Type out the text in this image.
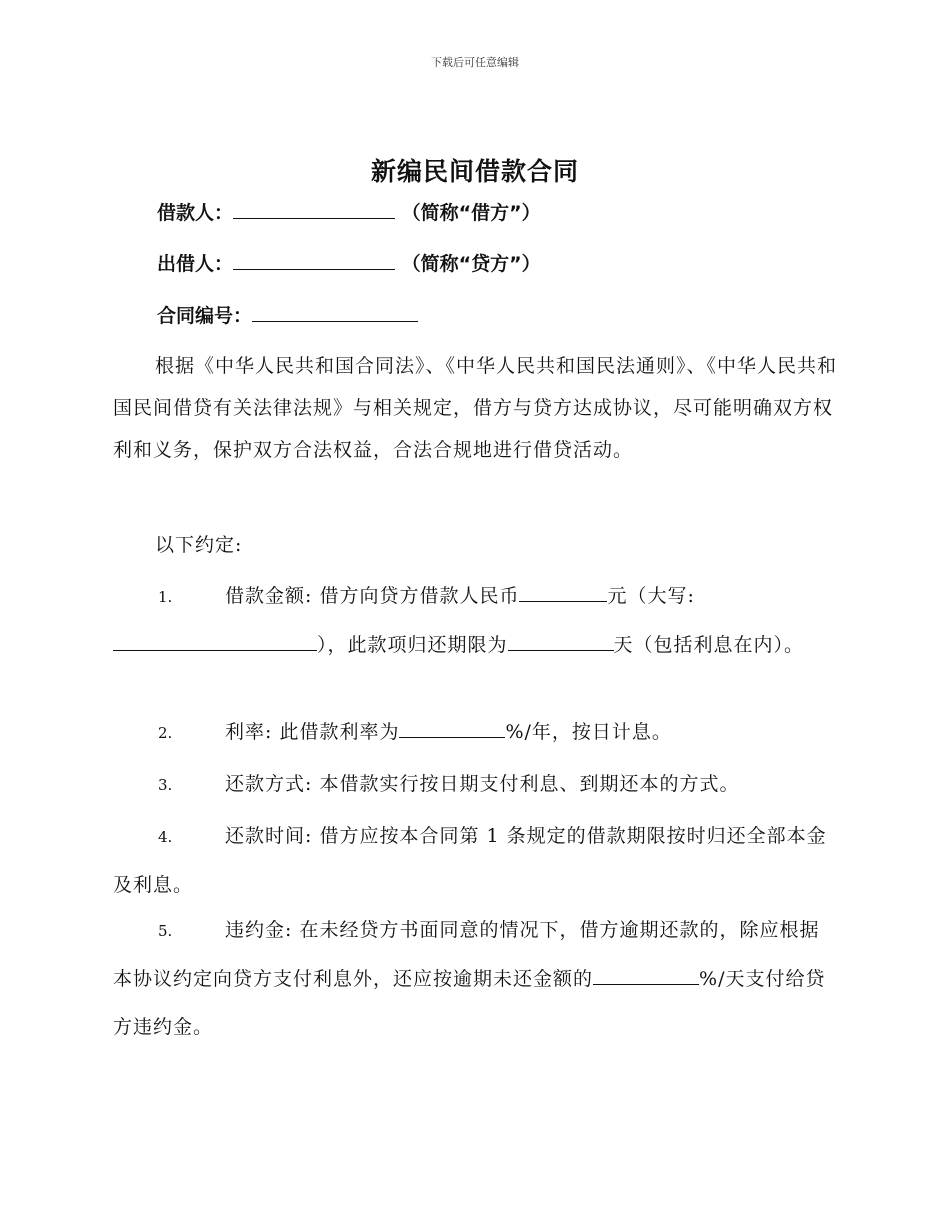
下载后可任意编辑
新编民间借款合同
借款人：	（简称“借方”）
出借人：	（简称“贷方”）
合同编号：
根据《中华人民共和国合同法》、《中华人民共和国民法通则》、《中华人民共和国民间借贷有关法律法规》与相关规定，借方与贷方达成协议，尽可能明确双方权利和义务，保护双方合法权益，合法合规地进行借贷活动。
以下约定:
1.	借款金额: 借方向贷方借款人民币	元（大写:），此款项归还期限为	天（包括利息在内）。
2.	利率: 此借款利率为	%/年，按日计息。
3.	还款方式: 本借款实行按日期支付利息、到期还本的方式。
4.	还款时间: 借方应按本合同第 1 条规定的借款期限按时归还全部本金及利息。
5.	违约金: 在未经贷方书面同意的情况下，借方逾期还款的，除应根据本协议约定向贷方支付利息外，还应按逾期未还金额的	%/天支付给贷方违约金。
